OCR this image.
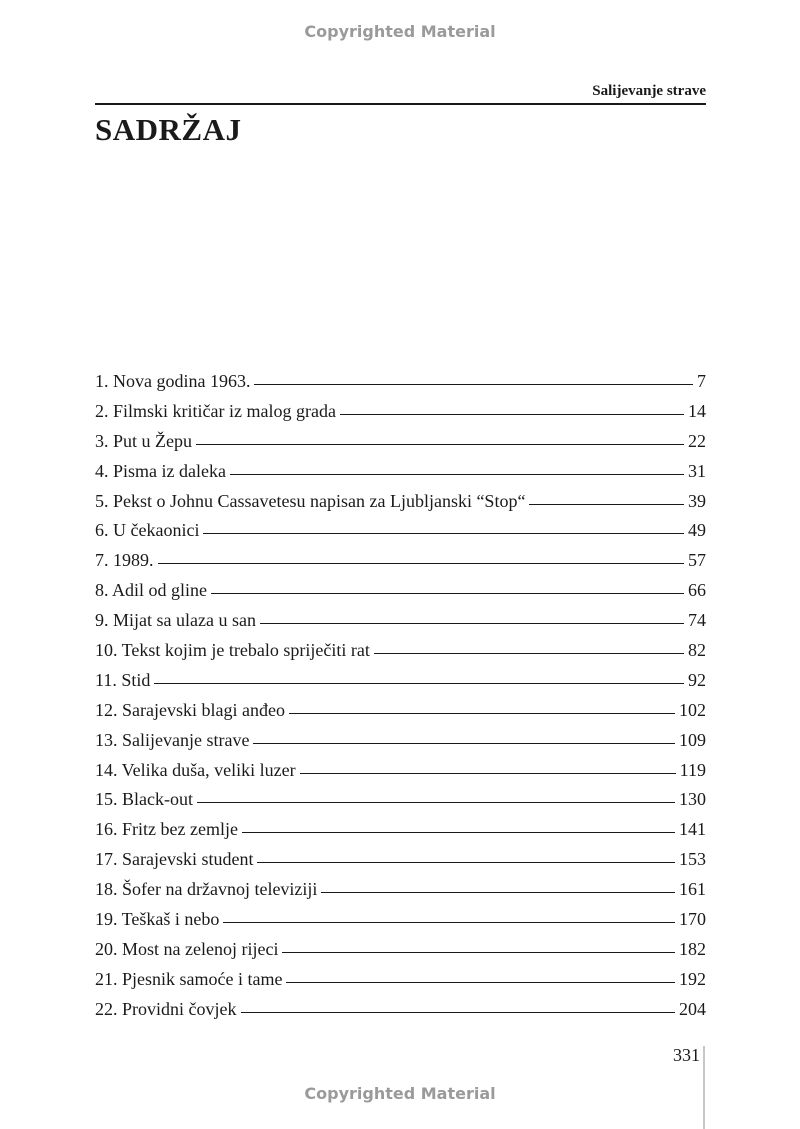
Copyrighted Material
Salijevanje strave
SADRŽAJ
1. Nova godina 1963.	7
2. Filmski kritičar iz malog grada	14
3. Put u Žepu	22
4. Pisma iz daleka	31
5. Pekst o Johnu Cassavetesu napisan za Ljubljanski “Stop“	39
6. U čekaonici	49
7. 1989.	57
8. Adil od gline	66
9. Mijat sa ulaza u san	74
10. Tekst kojim je trebalo spriječiti rat	82
11. Stid	92
12. Sarajevski blagi anđeo	102
13. Salijevanje strave	109
14. Velika duša, veliki luzer	119
15. Black-out	130
16. Fritz bez zemlje	141
17. Sarajevski student	153
18. Šofer na državnoj televiziji	161
19. Teškaš i nebo	170
20. Most na zelenoj rijeci	182
21. Pjesnik samoće i tame	192
22. Providni čovjek	204
331
Copyrighted Material
